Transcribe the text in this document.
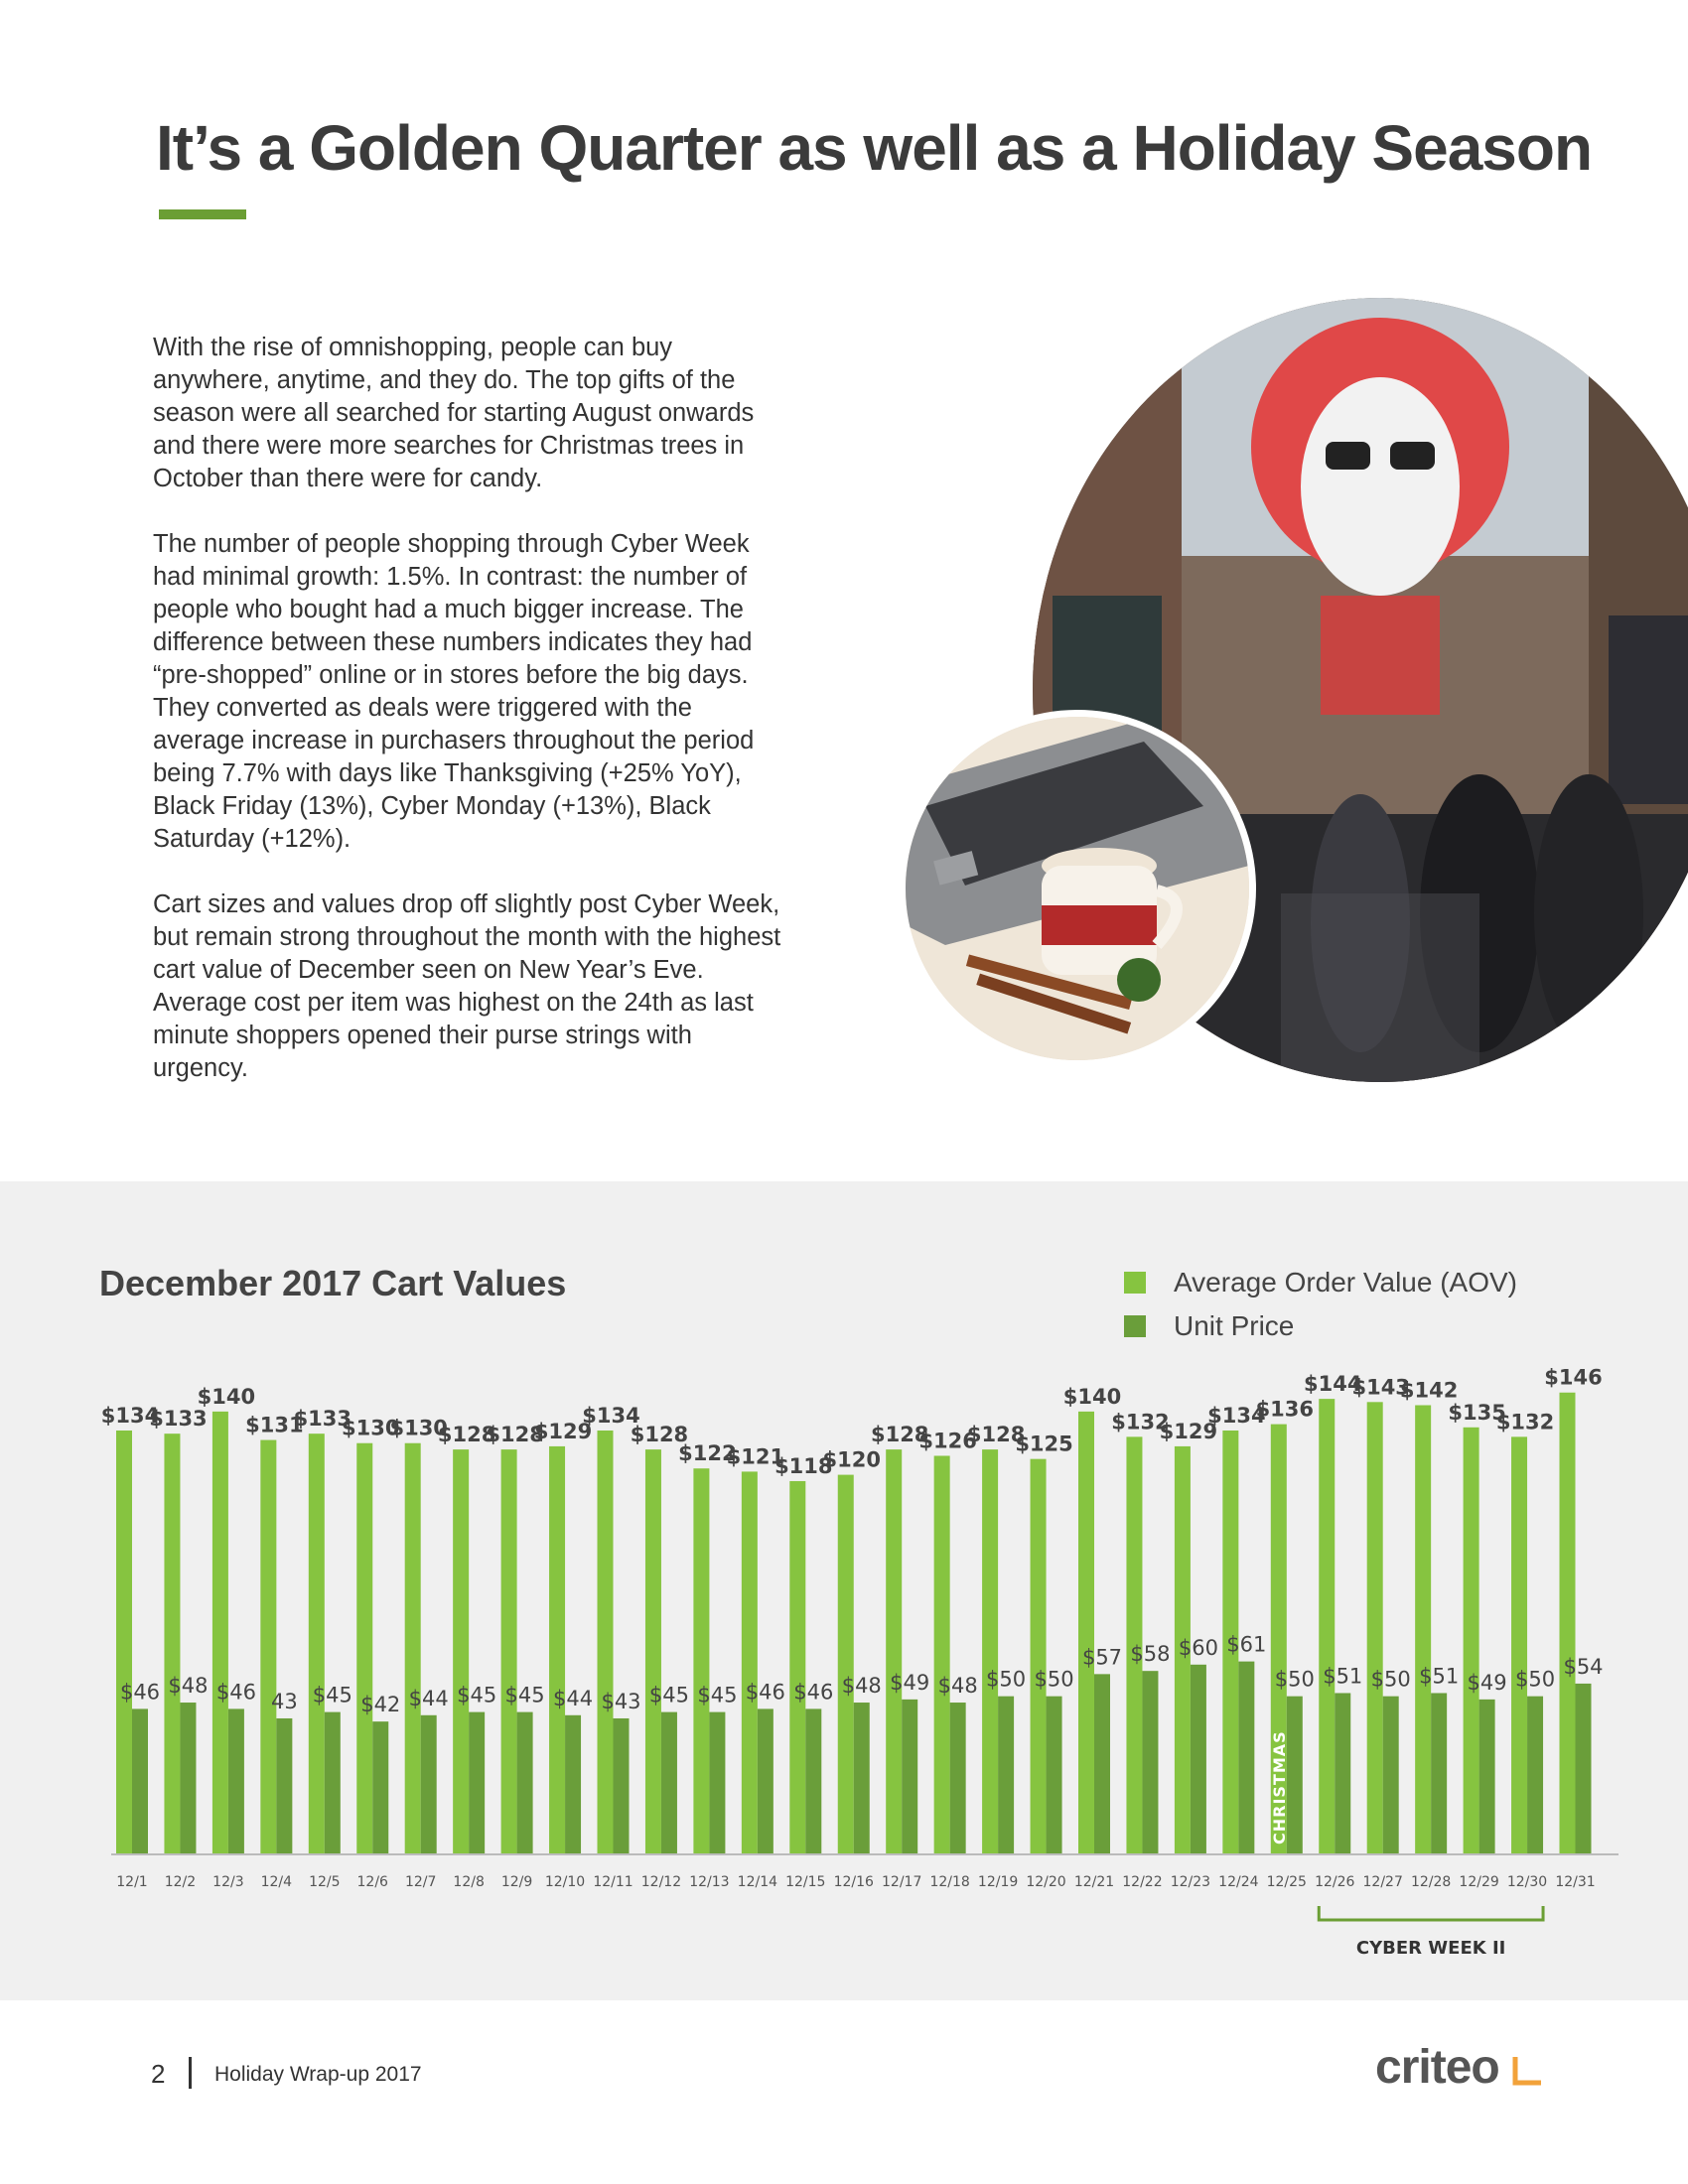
It’s a Golden Quarter as well as a Holiday Season

With the rise of omnishopping, people can buy anywhere, anytime, and they do. The top gifts of the season were all searched for starting August onwards and there were more searches for Christmas trees in October than there were for candy.

The number of people shopping through Cyber Week had minimal growth: 1.5%. In contrast: the number of people who bought had a much bigger increase. The difference between these numbers indicates they had “pre-shopped” online or in stores before the big days. They converted as deals were triggered with the average increase in purchasers throughout the period being 7.7% with days like Thanksgiving (+25% YoY), Black Friday (13%), Cyber Monday (+13%), Black Saturday (+12%).

Cart sizes and values drop off slightly post Cyber Week, but remain strong throughout the month with the highest cart value of December seen on New Year’s Eve. Average cost per item was highest on the 24th as last minute shoppers opened their purse strings with urgency.

December 2017 Cart Values	Average Order Value (AOV)
Unit Price
$134
$46
12/1
$133
$48
12/2
$140
$46
12/3
$131
43
12/4
$133
$45
12/5
$130
$42
12/6
$130
$44
12/7
$128
$45
12/8
$128
$45
12/9
$129
$44
12/10
$134
$43
12/11
$128
$45
12/12
$122
$45
12/13
$121
$46
12/14
$118
$46
12/15
$120
$48
12/16
$128
$49
12/17
$126
$48
12/18
$128
$50
12/19
$125
$50
12/20
$140
$57
12/21
$132
$58
12/22
$129
$60
12/23
$134
$61
12/24
$136
$50
12/25
$144
$51
12/26
$143
$50
12/27
$142
$51
12/28
$135
$49
12/29
$132
$50
12/30
$146
$54
12/31
CHRISTMAS
CYBER WEEK II
2 Holiday Wrap-up 2017	criteo
